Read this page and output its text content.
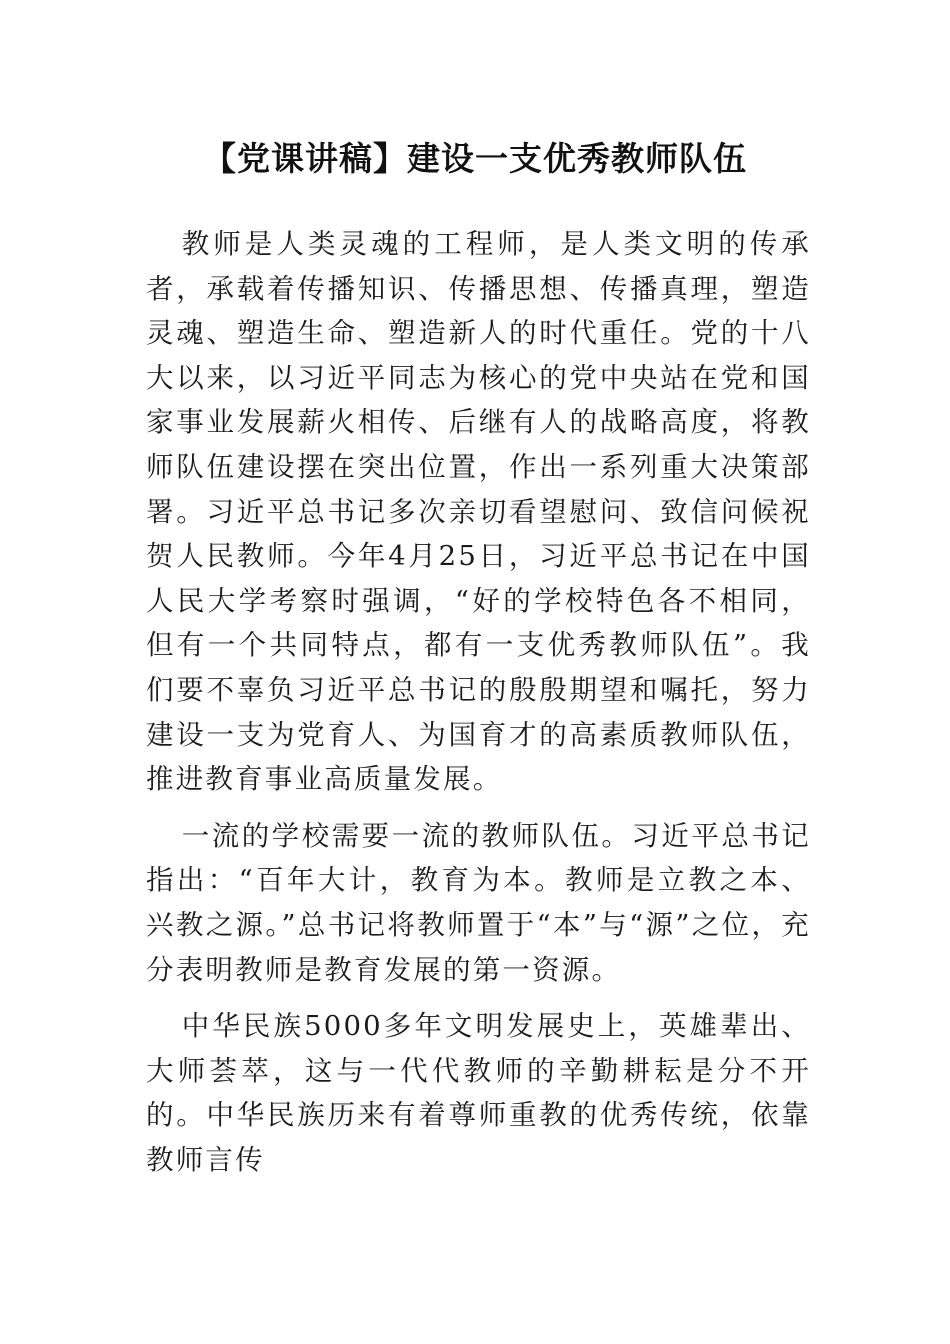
【党课讲稿】建设一支优秀教师队伍

教师是人类灵魂的工程师，是人类文明的传承者，承载着传播知识、传播思想、传播真理，塑造灵魂、塑造生命、塑造新人的时代重任。党的十八大以来，以习近平同志为核心的党中央站在党和国家事业发展薪火相传、后继有人的战略高度，将教师队伍建设摆在突出位置，作出一系列重大决策部署。习近平总书记多次亲切看望慰问、致信问候祝贺人民教师。今年4月25日，习近平总书记在中国人民大学考察时强调，“好的学校特色各不相同，但有一个共同特点，都有一支优秀教师队伍”。我们要不辜负习近平总书记的殷殷期望和嘱托，努力建设一支为党育人、为国育才的高素质教师队伍，推进教育事业高质量发展。

一流的学校需要一流的教师队伍。习近平总书记指出：“百年大计，教育为本。教师是立教之本、兴教之源。”总书记将教师置于“本”与“源”之位，充分表明教师是教育发展的第一资源。

中华民族5000多年文明发展史上，英雄辈出、大师荟萃，这与一代代教师的辛勤耕耘是分不开的。中华民族历来有着尊师重教的优秀传统，依靠教师言传
